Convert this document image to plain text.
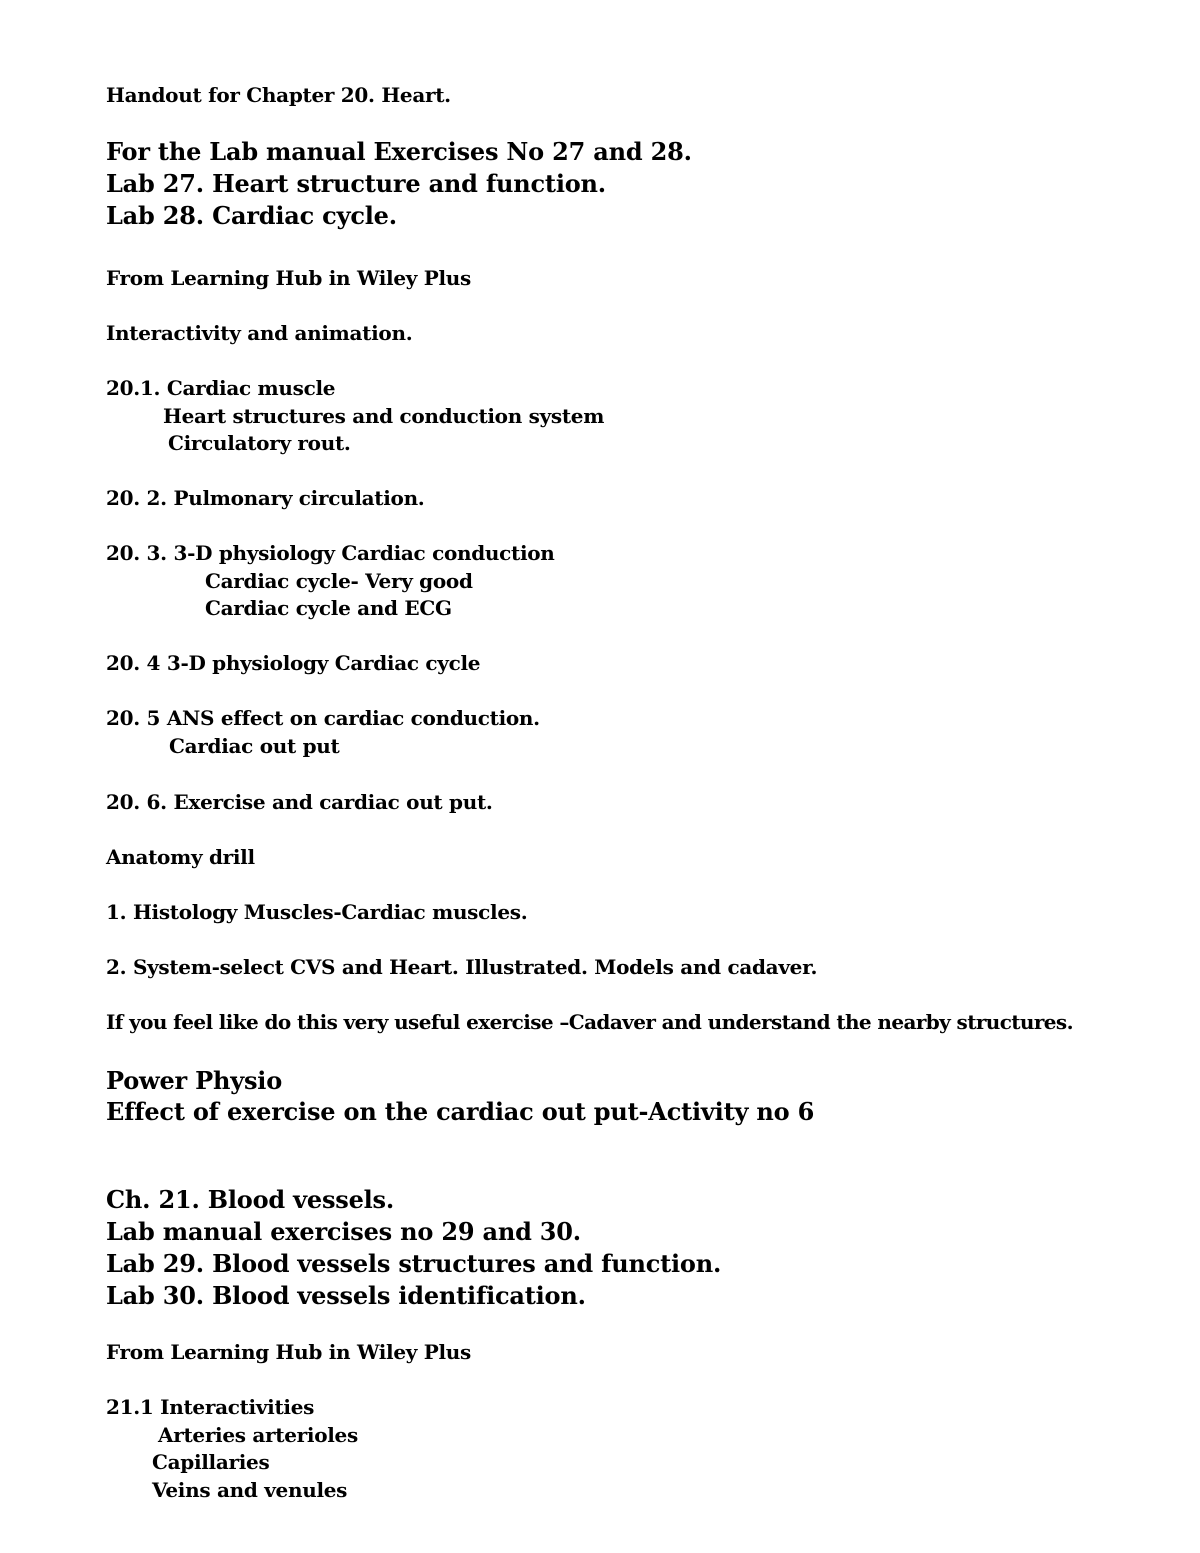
Handout for Chapter 20. Heart.
For the Lab manual Exercises No 27 and 28.
Lab 27. Heart structure and function.
Lab 28. Cardiac cycle.
From Learning Hub in Wiley Plus
Interactivity and animation.
20.1. Cardiac muscle
Heart structures and conduction system
Circulatory rout.
20. 2. Pulmonary circulation.
20. 3. 3-D physiology Cardiac conduction
Cardiac cycle- Very good
Cardiac cycle and ECG
20. 4 3-D physiology Cardiac cycle
20. 5 ANS effect on cardiac conduction.
Cardiac out put
20. 6. Exercise and cardiac out put.
Anatomy drill
1. Histology Muscles-Cardiac muscles.
2. System-select CVS and Heart. Illustrated. Models and cadaver.
If you feel like do this very useful exercise –Cadaver and understand the nearby structures.
Power Physio
Effect of exercise on the cardiac out put-Activity no 6
Ch. 21. Blood vessels.
Lab manual exercises no 29 and 30.
Lab 29. Blood vessels structures and function.
Lab 30. Blood vessels identification.
From Learning Hub in Wiley Plus
21.1 Interactivities
Arteries arterioles
Capillaries
Veins and venules
